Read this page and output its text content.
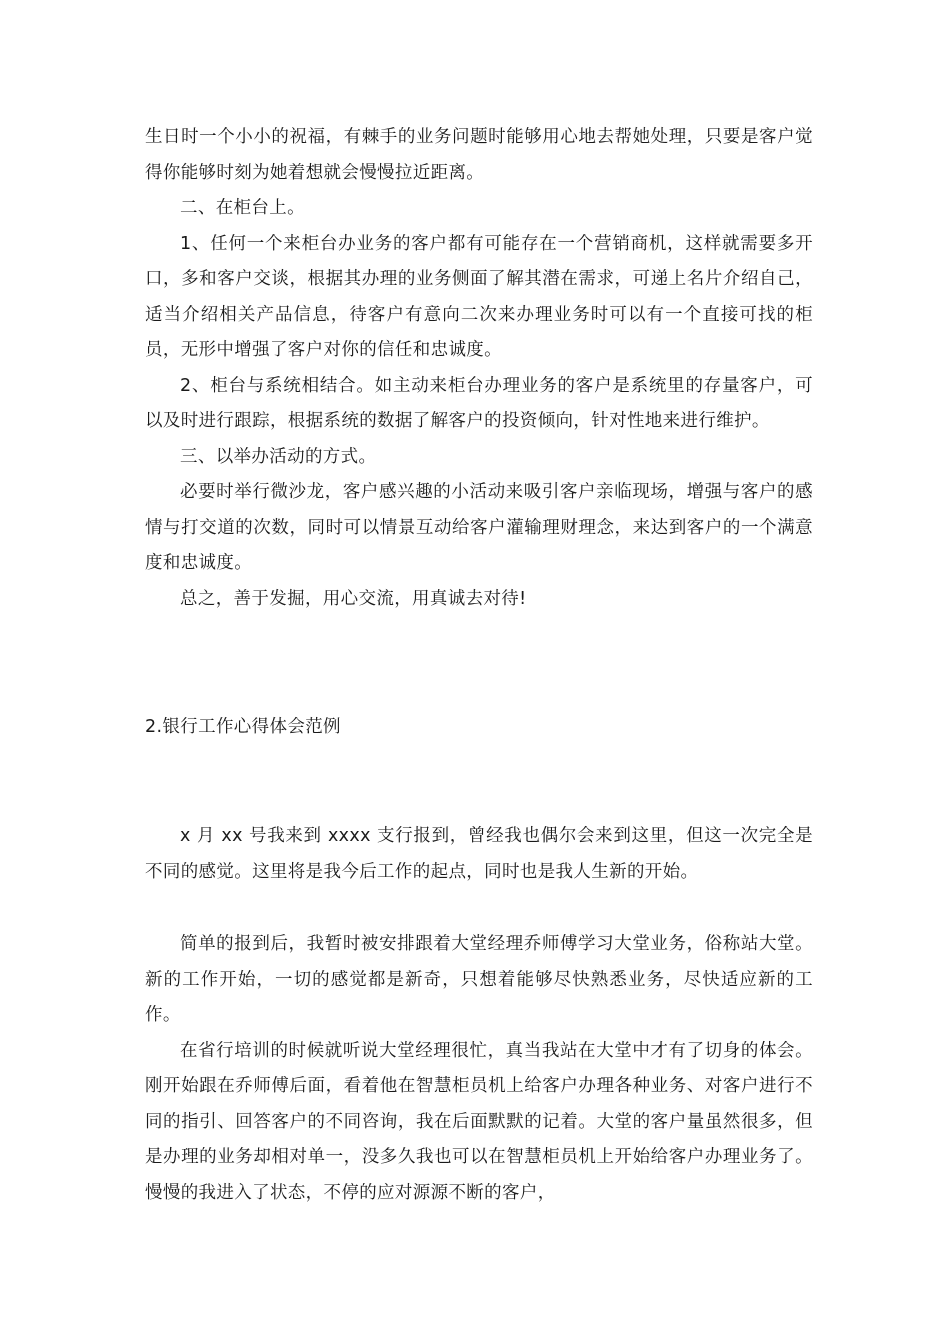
生日时一个小小的祝福，有棘手的业务问题时能够用心地去帮她处理，只要是客户觉得你能够时刻为她着想就会慢慢拉近距离。

二、在柜台上。

1、任何一个来柜台办业务的客户都有可能存在一个营销商机，这样就需要多开口，多和客户交谈，根据其办理的业务侧面了解其潜在需求，可递上名片介绍自己，适当介绍相关产品信息，待客户有意向二次来办理业务时可以有一个直接可找的柜员，无形中增强了客户对你的信任和忠诚度。

2、柜台与系统相结合。如主动来柜台办理业务的客户是系统里的存量客户，可以及时进行跟踪，根据系统的数据了解客户的投资倾向，针对性地来进行维护。

三、以举办活动的方式。

必要时举行微沙龙，客户感兴趣的小活动来吸引客户亲临现场，增强与客户的感情与打交道的次数，同时可以情景互动给客户灌输理财理念，来达到客户的一个满意度和忠诚度。

总之，善于发掘，用心交流，用真诚去对待!

2.银行工作心得体会范例

x 月 xx 号我来到 xxxx 支行报到，曾经我也偶尔会来到这里，但这一次完全是不同的感觉。这里将是我今后工作的起点，同时也是我人生新的开始。

简单的报到后，我暂时被安排跟着大堂经理乔师傅学习大堂业务，俗称站大堂。新的工作开始，一切的感觉都是新奇，只想着能够尽快熟悉业务，尽快适应新的工作。

在省行培训的时候就听说大堂经理很忙，真当我站在大堂中才有了切身的体会。刚开始跟在乔师傅后面，看着他在智慧柜员机上给客户办理各种业务、对客户进行不同的指引、回答客户的不同咨询，我在后面默默的记着。大堂的客户量虽然很多，但是办理的业务却相对单一，没多久我也可以在智慧柜员机上开始给客户办理业务了。慢慢的我进入了状态，不停的应对源源不断的客户，
